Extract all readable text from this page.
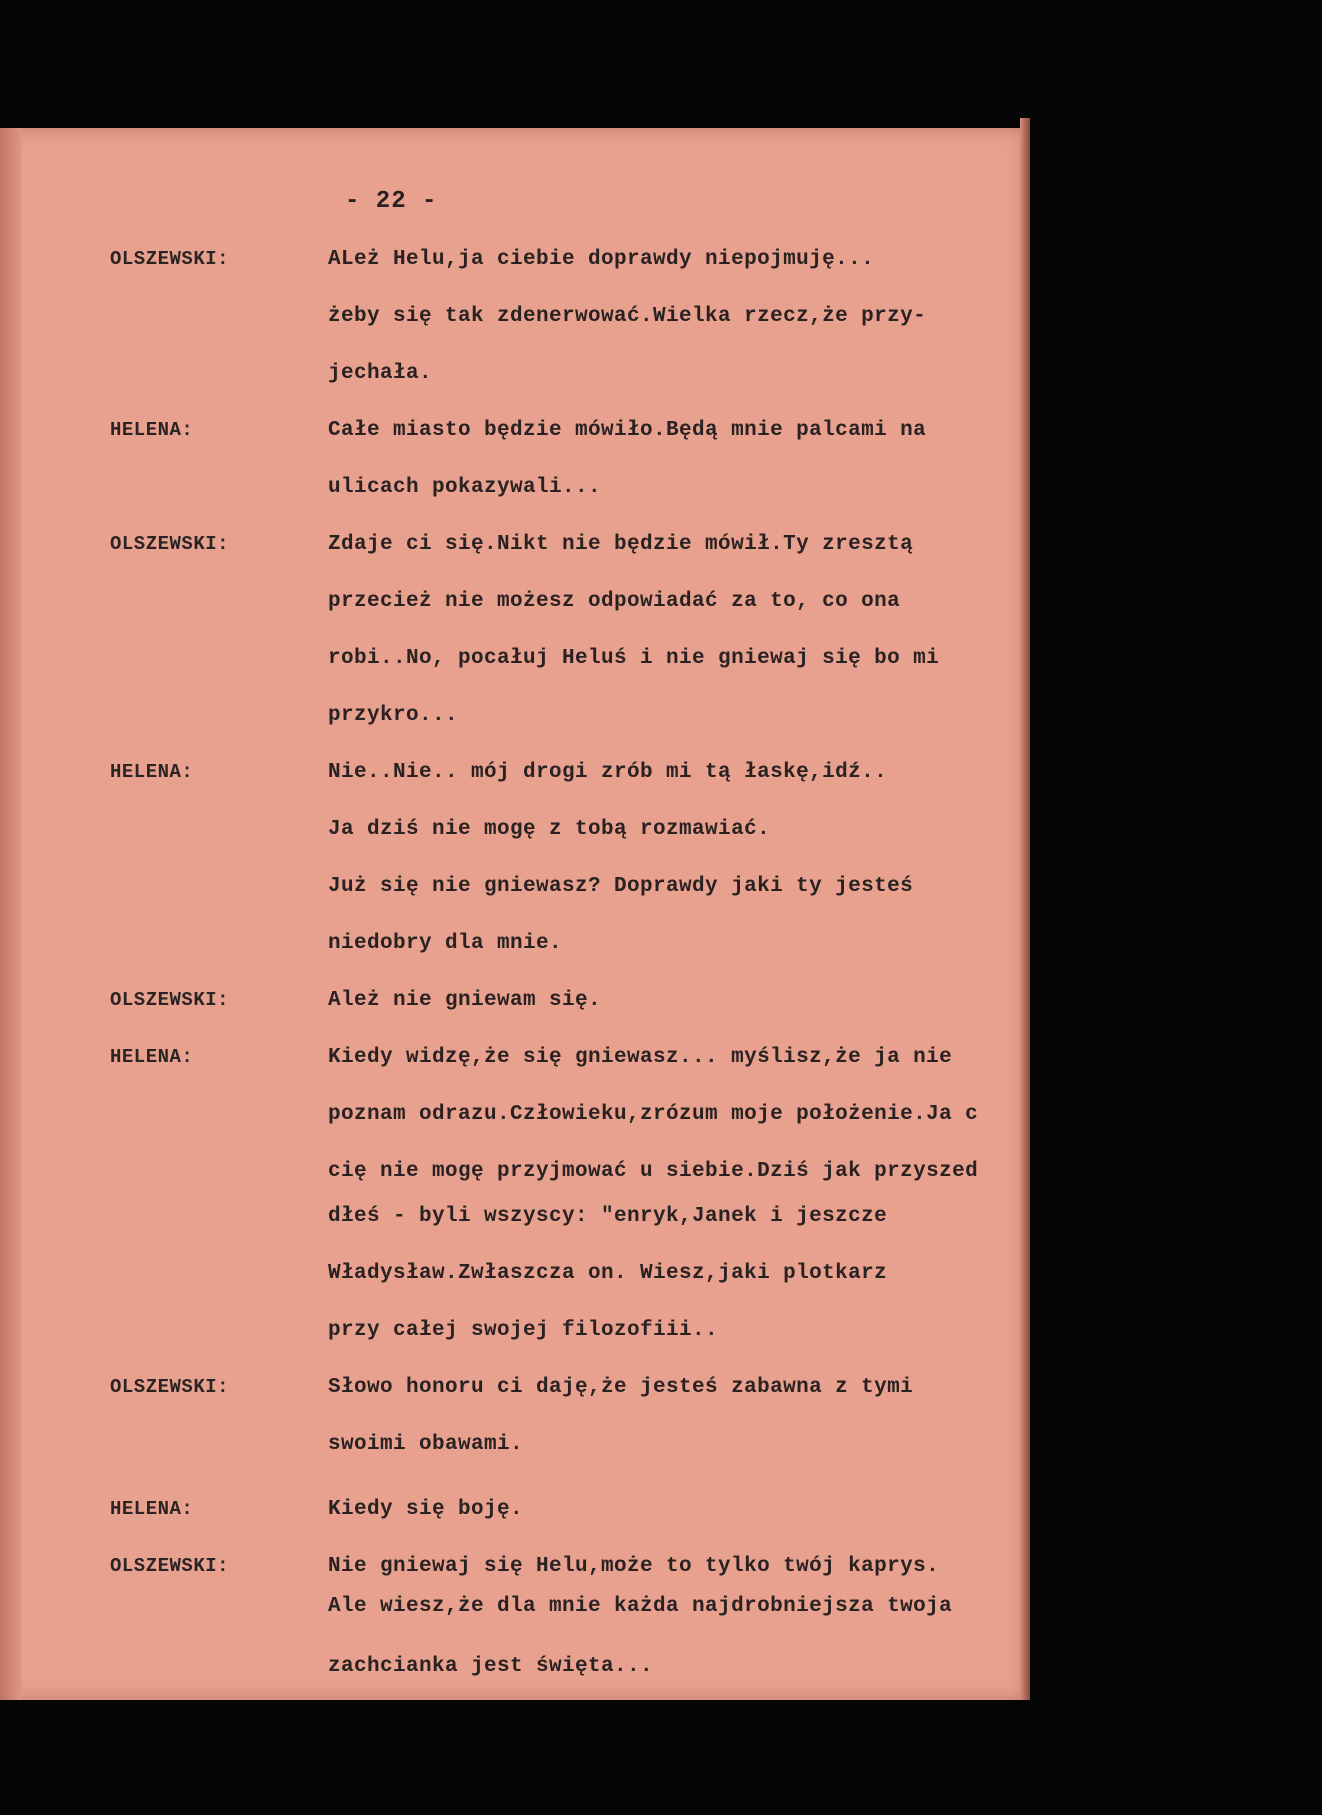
- 22 -
OLSZEWSKI:	ALeż Helu,ja ciebie doprawdy niepojmuję...
żeby się tak zdenerwować.Wielka rzecz,że przy-
jechała.
HELENA:	Całe miasto będzie mówiło.Będą mnie palcami na
ulicach pokazywali...
OLSZEWSKI:	Zdaje ci się.Nikt nie będzie mówił.Ty zresztą
przecież nie możesz odpowiadać za to, co ona
robi..No, pocałuj Heluś i nie gniewaj się bo mi
przykro...
HELENA:	Nie..Nie.. mój drogi zrób mi tą łaskę,idź..
Ja dziś nie mogę z tobą rozmawiać.
Już się nie gniewasz? Doprawdy jaki ty jesteś
niedobry dla mnie.
OLSZEWSKI:	Ależ nie gniewam się.
HELENA:	Kiedy widzę,że się gniewasz... myślisz,że ja nie
poznam odrazu.Człowieku,zrózum moje położenie.Ja c
cię nie mogę przyjmować u siebie.Dziś jak przyszed
dłeś - byli wszyscy: "enryk,Janek i jeszcze
Władysław.Zwłaszcza on. Wiesz,jaki plotkarz
przy całej swojej filozofiii..
OLSZEWSKI:	Słowo honoru ci daję,że jesteś zabawna z tymi
swoimi obawami.
HELENA:	Kiedy się boję.
OLSZEWSKI:	Nie gniewaj się Helu,może to tylko twój kaprys.
Ale wiesz,że dla mnie każda najdrobniejsza twoja
zachcianka jest święta...
